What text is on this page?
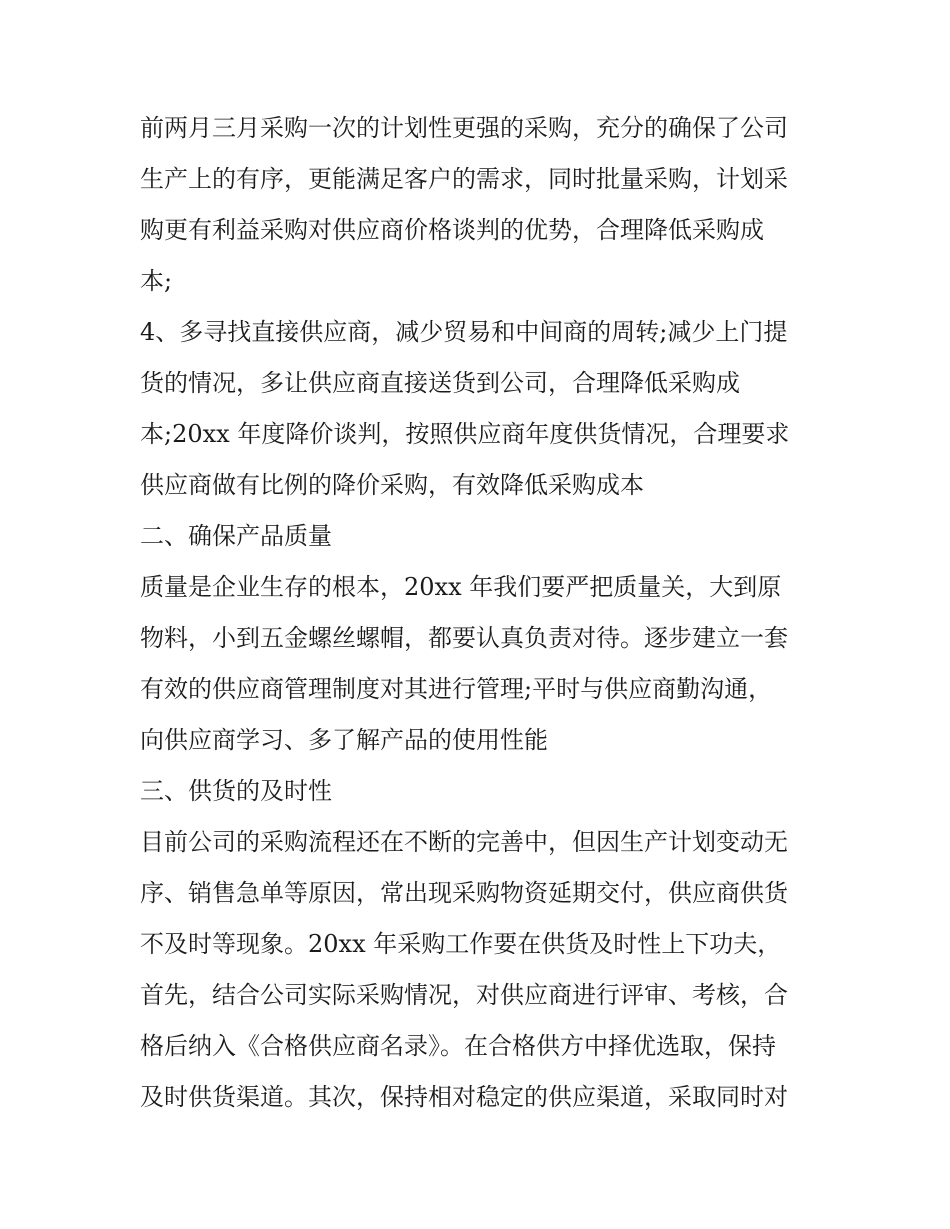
前两月三月采购一次的计划性更强的采购，充分的确保了公司
生产上的有序，更能满足客户的需求，同时批量采购，计划采
购更有利益采购对供应商价格谈判的优势，合理降低采购成
本;
4、多寻找直接供应商，减少贸易和中间商的周转;减少上门提
货的情况，多让供应商直接送货到公司，合理降低采购成
本;20xx 年度降价谈判，按照供应商年度供货情况，合理要求
供应商做有比例的降价采购，有效降低采购成本
二、确保产品质量
质量是企业生存的根本，20xx 年我们要严把质量关，大到原
物料，小到五金螺丝螺帽，都要认真负责对待。逐步建立一套
有效的供应商管理制度对其进行管理;平时与供应商勤沟通，
向供应商学习、多了解产品的使用性能
三、供货的及时性
目前公司的采购流程还在不断的完善中，但因生产计划变动无
序、销售急单等原因，常出现采购物资延期交付，供应商供货
不及时等现象。20xx 年采购工作要在供货及时性上下功夫，
首先，结合公司实际采购情况，对供应商进行评审、考核，合
格后纳入《合格供应商名录》。在合格供方中择优选取，保持
及时供货渠道。其次，保持相对稳定的供应渠道，采取同时对
